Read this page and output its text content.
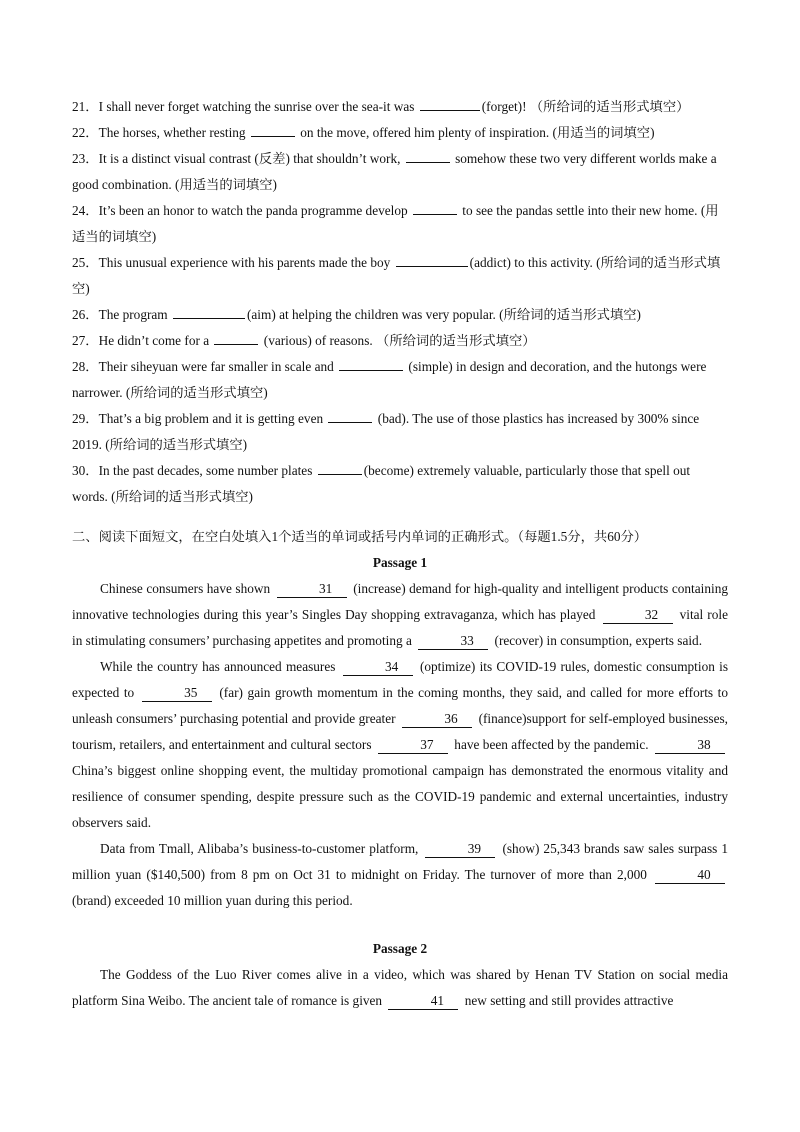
21．I shall never forget watching the sunrise over the sea-it was	(forget)! （所给词的适当形式填空）

22．The horses, whether resting	on the move, offered him plenty of inspiration. (用适当的词填空)

23．It is a distinct visual contrast (反差) that shouldn’t work,	somehow these two very different worlds make a good combination. (用适当的词填空)

24．It’s been an honor to watch the panda programme develop	to see the pandas settle into their new home. (用适当的词填空)

25．This unusual experience with his parents made the boy	(addict) to this activity. (所给词的适当形式填空)

26．The program	(aim) at helping the children was very popular. (所给词的适当形式填空)

27．He didn’t come for a	(various) of reasons. （所给词的适当形式填空）

28．Their siheyuan were far smaller in scale and	(simple) in design and decoration, and the hutongs were narrower. (所给词的适当形式填空)

29．That’s a big problem and it is getting even	(bad). The use of those plastics has increased by 300% since 2019. (所给词的适当形式填空)

30．In the past decades, some number plates	(become) extremely valuable, particularly those that spell out words. (所给词的适当形式填空)

二、阅读下面短文，在空白处填入1个适当的单词或括号内单词的正确形式。（每题1.5分，共60分）

Passage 1

Chinese consumers have shown	31 (increase) demand for high-quality and intelligent products containing innovative technologies during this year’s Singles Day shopping extravaganza, which has played	32 vital role in stimulating consumers’ purchasing appetites and promoting a	33 (recover) in consumption, experts said.

While the country has announced measures	34 (optimize) its COVID-19 rules, domestic consumption is expected to	35 (far) gain growth momentum in the coming months, they said, and called for more efforts to unleash consumers’ purchasing potential and provide greater	36 (finance)support for self-employed businesses, tourism, retailers, and entertainment and cultural sectors	37 have been affected by the pandemic.	38 China’s biggest online shopping event, the multiday promotional campaign has demonstrated the enormous vitality and resilience of consumer spending, despite pressure such as the COVID-19 pandemic and external uncertainties, industry observers said.

Data from Tmall, Alibaba’s business-to-customer platform,	39 (show) 25,343 brands saw sales surpass 1 million yuan ($140,500) from 8 pm on Oct 31 to midnight on Friday. The turnover of more than 2,000	40 (brand) exceeded 10 million yuan during this period.

Passage 2

The Goddess of the Luo River comes alive in a video, which was shared by Henan TV Station on social media platform Sina Weibo. The ancient tale of romance is given	41 new setting and still provides attractive
